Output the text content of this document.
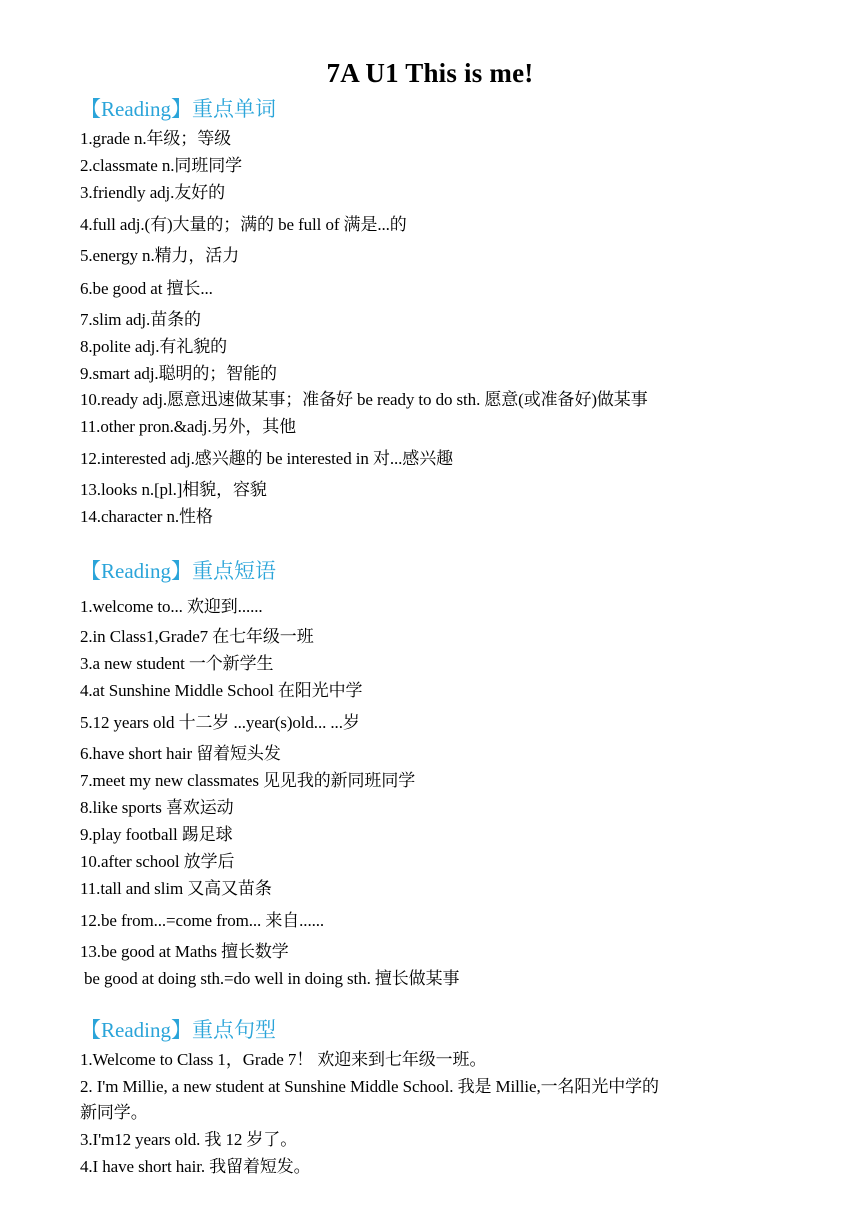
7A U1 This is me!
【Reading】重点单词
1.grade n.年级；等级
2.classmate n.同班同学
3.friendly adj.友好的
4.full adj.(有)大量的；满的 be full of 满是...的
5.energy n.精力，活力
6.be good at 擅长...
7.slim adj.苗条的
8.polite adj.有礼貌的
9.smart adj.聪明的；智能的
10.ready adj.愿意迅速做某事；准备好 be ready to do sth. 愿意(或准备好)做某事
11.other pron.&adj.另外，其他
12.interested adj.感兴趣的 be interested in 对...感兴趣
13.looks n.[pl.]相貌，容貌
14.character n.性格
【Reading】重点短语
1.welcome to... 欢迎到......
2.in Class1,Grade7 在七年级一班
3.a new student 一个新学生
4.at Sunshine Middle School 在阳光中学
5.12 years old 十二岁 ...year(s)old... ...岁
6.have short hair 留着短头发
7.meet my new classmates 见见我的新同班同学
8.like sports 喜欢运动
9.play football 踢足球
10.after school 放学后
11.tall and slim 又高又苗条
12.be from...=come from... 来自......
13.be good at Maths 擅长数学
be good at doing sth.=do well in doing sth. 擅长做某事
【Reading】重点句型
1.Welcome to Class 1，Grade 7！ 欢迎来到七年级一班。
2. I'm Millie, a new student at Sunshine Middle School. 我是 Millie,一名阳光中学的
新同学。
3.I'm12 years old. 我 12 岁了。
4.I have short hair. 我留着短发。
